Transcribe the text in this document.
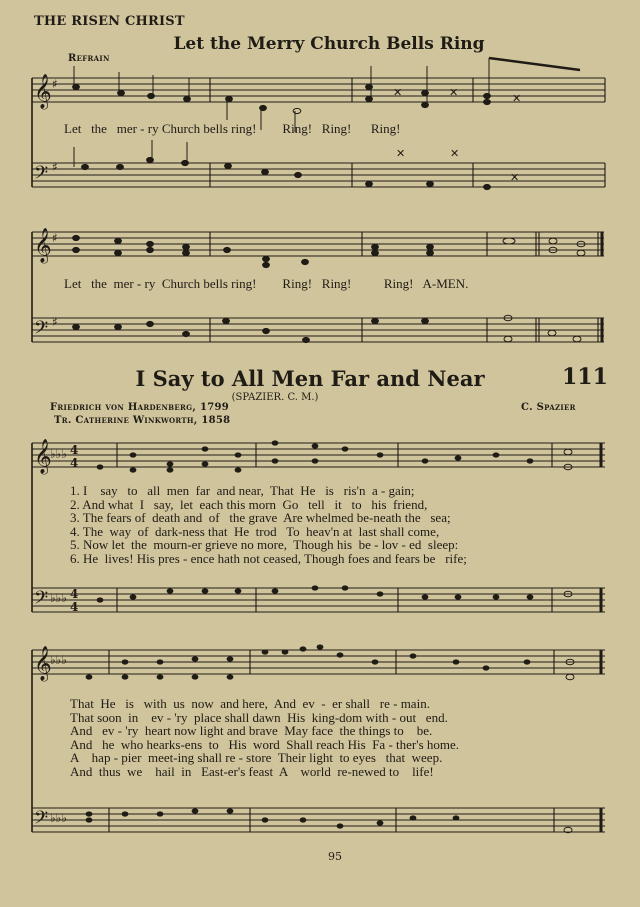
THE RISEN CHRIST
Let the Merry Church Bells Ring
Refrain
𝄞 ♯
𝄢 ♯
✕	✕	✕
✕	✕
✕
Let   the   mer - ry Church bells ring!        Ring!   Ring!      Ring!
𝄞 ♯
𝄢 ♯
Let   the  mer - ry  Church bells ring!        Ring!   Ring!          Ring!   A-MEN.
I Say to All Men Far and Near	111
(SPAZIER. C. M.)
Friedrich von Hardenberg, 1799
Tr. Catherine Winkworth, 1858
C. Spazier
𝄞
♭♭♭ 4
4
𝄢 ♭♭♭ 4
4
1. I    say   to   all  men  far  and near,  That  He   is   ris'n  a - gain;
2. And what  I   say,  let  each this morn  Go   tell   it   to   his  friend,
3. The fears of  death and  of   the grave  Are whelmed be-neath the   sea;
4. The  way  of  dark-ness that  He  trod   To  heav'n at  last shall come,
5. Now let  the  mourn-er grieve no more,  Though his  be - lov - ed  sleep:
6. He  lives! His pres - ence hath not ceased, Though foes and fears be   rife;
𝄞
♭♭♭
𝄢 ♭♭♭
That  He   is   with  us  now  and here,  And  ev  -  er shall   re - main.
That soon  in    ev - 'ry  place shall dawn  His  king-dom with - out   end.
And   ev - 'ry  heart now light and brave  May face  the things to    be.
And   he  who hearks-ens  to   His  word  Shall reach His  Fa - ther's home.
A    hap - pier  meet-ing shall re - store  Their light  to eyes   that  weep.
And  thus  we    hail  in   East-er's feast  A    world  re-newed to    life!
95
